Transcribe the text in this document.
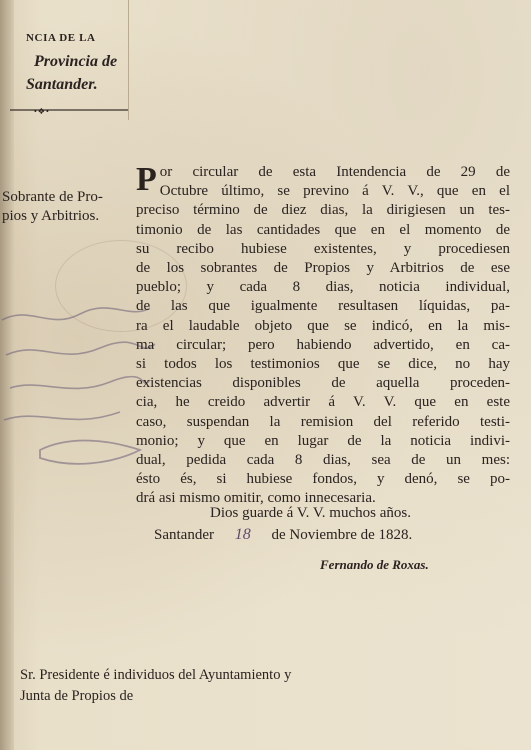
NCIA DE LA
Provincia de
Santander.
•❖•
Sobrante de Pro-
pios y Arbitrios.
P or circular de esta Intendencia de 29 de
Octubre último, se previno á V. V., que en el
preciso término de diez dias, la dirigiesen un tes-
timonio de las cantidades que en el momento de
su recibo hubiese existentes, y procediesen
de los sobrantes de Propios y Arbitrios de ese
pueblo; y cada 8 dias, noticia individual,
de las que igualmente resultasen líquidas, pa-
ra el laudable objeto que se indicó, en la mis-
ma circular; pero habiendo advertido, en ca-
si todos los testimonios que se dice, no hay
existencias disponibles de aquella proceden-
cia, he creido advertir á V. V. que en este
caso, suspendan la remision del referido testi-
monio; y que en lugar de la noticia indivi-
dual, pedida cada 8 dias, sea de un mes:
ésto és, si hubiese fondos, y denó, se po-
drá asi mismo omitir, como innecesaria.
Dios guarde á V. V. muchos años.
Santander 18 de Noviembre de 1828.
Fernando de Roxas.
Sr. Presidente é individuos del Ayuntamiento y
Junta de Propios de
